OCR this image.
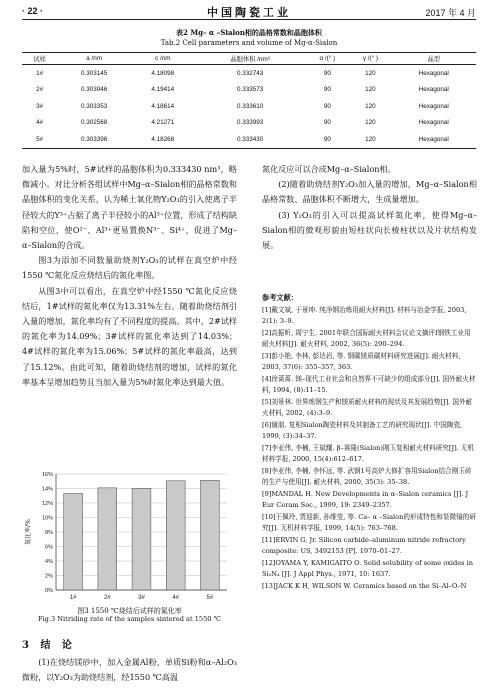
· 22 ·	中国陶瓷工业	2017 年 4 月
表2 Mg– α –Sialon相的晶格常数和晶胞体积
Tab.2 Cell parameters and volume of Mg-α-Sialon
试样	a /nm	c /nm	晶胞体积 /nm³	α /(° )	γ /(° )	晶型
1#	0.303145	4.18098	0.332743	90	120	Hexagonal
2#	0.303046	4.19414	0.333573	90	120	Hexagonal
3#	0.303353	4.18614	0.333610	90	120	Hexagonal
4#	0.302568	4.21271	0.333993	90	120	Hexagonal
5#	0.303396	4.18268	0.333430	90	120	Hexagonal

加入量为5%时，5#试样的晶胞体积为0.333430 nm³，略微减小。对比分析各组试样中Mg–α–Sialon相的晶格常数和晶胞体积的变化关系，认为稀土氧化物Y₂O₃的引入使离子半径较大的Y³⁺占据了离子半径较小的Al³⁺位置，形成了结构缺陷和空位，使O²⁻、Al³⁺更易置换N³⁻、Si⁴⁺，促进了Mg–α–Sialon的合成。

图3为添加不同数量助烧剂Y₂O₃的试样在真空炉中经1550 ℃氮化反应烧结后的氮化率图。

从图3中可以看出，在真空炉中经1550 ℃氮化反应烧结后，1#试样的氮化率仅为13.31%左右。随着助烧结剂引入量的增加，氮化率均有了不同程度的提高。其中，2#试样的氮化率为14.09%；3#试样的氮化率达到了14.03%；4#试样的氮化率为15.06%；5#试样的氮化率最高，达到了15.12%。由此可知，随着助烧结剂的增加，试样的氮化率基本呈增加趋势且当加入量为5%时氮化率达到最大值。

氮化反应可以合成Mg–α–Sialon相。

(2)随着助烧结剂Y₂O₃加入量的增加，Mg–α–Sialon相晶格常数、晶胞体积不断增大，生成量增加。

(3) Y₂O₃的引入可以提高试样氮化率，使得Mg–α–Sialon相的微观形貌由短柱状向长棱柱状以及片状结构发展。

参考文献：
[1]戴文斌, 于景坤. 纯净钢冶炼用耐火材料[J]. 材料与冶金学报, 2003, 2(1): 3–9.
[2]高振昕, 周宁生. 2001年联合国际耐火材料会议论文摘评Ⅰ钢铁工业用耐火材料[J]. 耐火材料, 2002, 36(5): 290–294.
[3]彭小艳, 李林, 彭达岩, 等. 钢碳镁质碳材料研究进展[J]. 耐火材料, 2003, 37(6): 355–357, 363.
[4]徐蔷蔷. 镁–现代工业社会和自然界不可缺少的组成部分[J]. 国外耐火材料, 1994, (8):11–15.
[5]刘景林. 世界炼钢生产和镁质耐火材料的现状及其发展趋势[J]. 国外耐火材料, 2002, (4):3–9.
[6]谢朋. 复相Sialon陶瓷材料及其制备工艺的研究现状[J]. 中国陶瓷, 1999, (3):34–37.
[7]李亚伟, 李楠, 王斌耀. β–赛隆(Sialon)刚玉复相耐火材料研究[J]. 无机材料学报, 2000, 15(4):612–617.
[8]李亚伟, 李楠, 李怀远, 等. 武钢1号高炉大修扩容用Sialon结合刚玉砖的生产与使用[J]. 耐火材料, 2000, 35(3): 35–38.
[9]MANDAL H. New Developments in α–Sialon ceramics [J]. J Eur Ceram Soc., 1999, 19: 2349–2357.
[10]王佩玲, 贾迎新, 孙维莹, 等. Ca– α –Sialon的形成特性和显微镜的研究[J]. 无机材料学报, 1999, 14(5): 763–768.
[11]ERVIN G, Jr. Silicon carbide–aluminum nitride refractory composite: US, 3492153 [P]. 1970–01–27.
[12]OYAMA Y, KAMIGAITO O. Solid solubility of some oxides in Si₃N₄ [J]. J Appl Phys., 1971, 10: 1637.
[13]JACK K H, WILSON W. Ceramics based on the Si–Al–O–N
0%
2%
4%
6%
8%
10%
12%
14%
16%
1#	2#	3#	4#	5#
氮化率/%
图3 1550 ℃烧结后试样的氮化率
Fig.3 Nitriding rate of the samples sintered at 1550 ℃
3 结 论

(1)在烧结镁砂中，加入金属Al粉，单质Si粉和α–Al₂O₃微粉，以Y₂O₃为助烧结剂，经1550 ℃高温
